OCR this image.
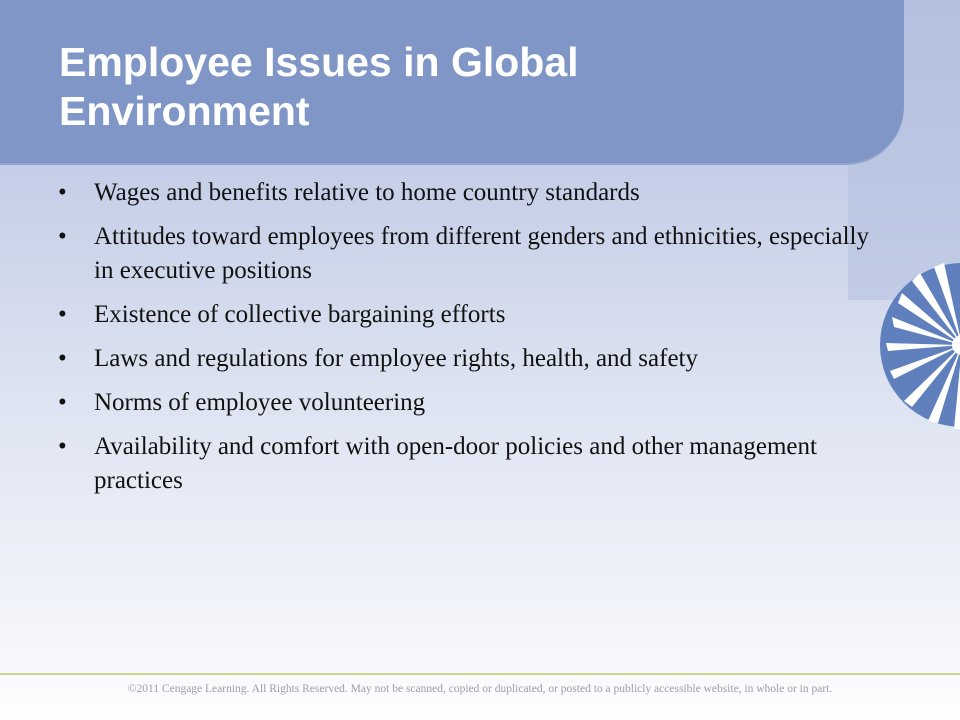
Employee Issues in Global Environment
•	Wages and benefits relative to home country standards
•	Attitudes toward employees from different genders and ethnicities, especially in executive positions
•	Existence of collective bargaining efforts
•	Laws and regulations for employee rights, health, and safety
•	Norms of employee volunteering
•	Availability and comfort with open-door policies and other management practices

©2011 Cengage Learning. All Rights Reserved. May not be scanned, copied or duplicated, or posted to a publicly accessible website, in whole or in part.
